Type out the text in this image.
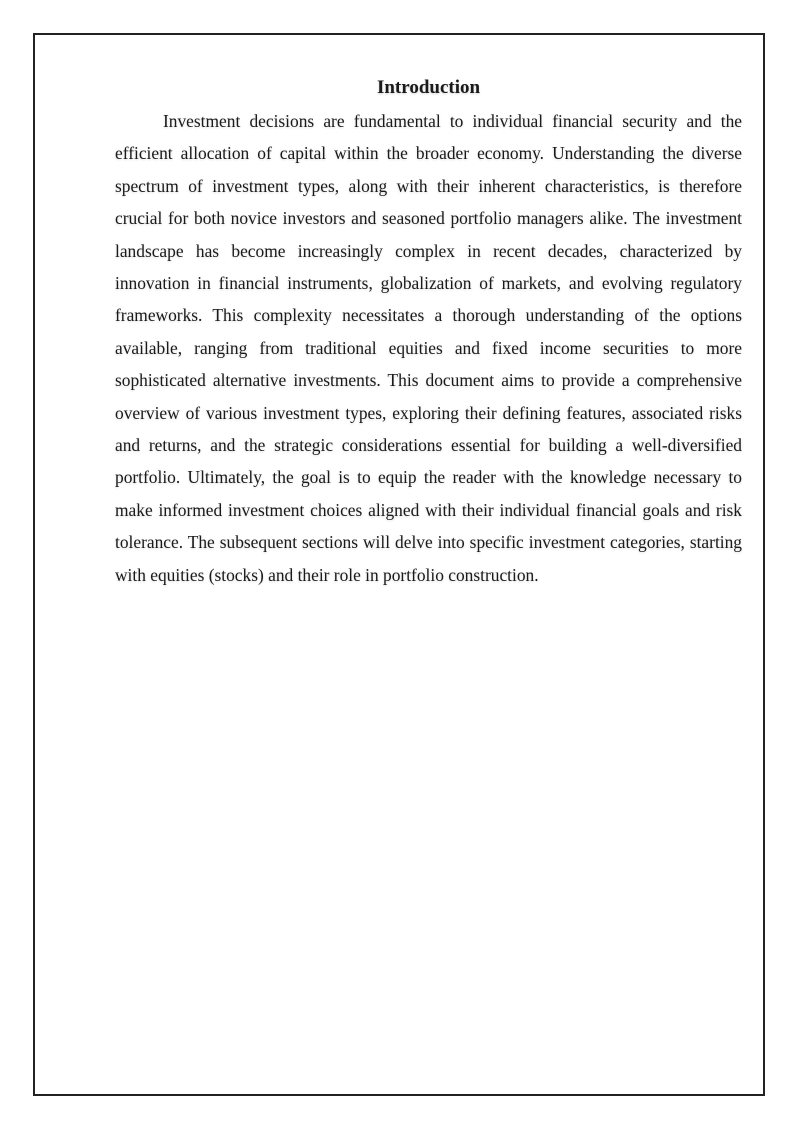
Introduction

Investment decisions are fundamental to individual financial security and the efficient allocation of capital within the broader economy. Understanding the diverse spectrum of investment types, along with their inherent characteristics, is therefore crucial for both novice investors and seasoned portfolio managers alike. The investment landscape has become increasingly complex in recent decades, characterized by innovation in financial instruments, globalization of markets, and evolving regulatory frameworks. This complexity necessitates a thorough understanding of the options available, ranging from traditional equities and fixed income securities to more sophisticated alternative investments. This document aims to provide a comprehensive overview of various investment types, exploring their defining features, associated risks and returns, and the strategic considerations essential for building a well-diversified portfolio. Ultimately, the goal is to equip the reader with the knowledge necessary to make informed investment choices aligned with their individual financial goals and risk tolerance. The subsequent sections will delve into specific investment categories, starting with equities (stocks) and their role in portfolio construction.
